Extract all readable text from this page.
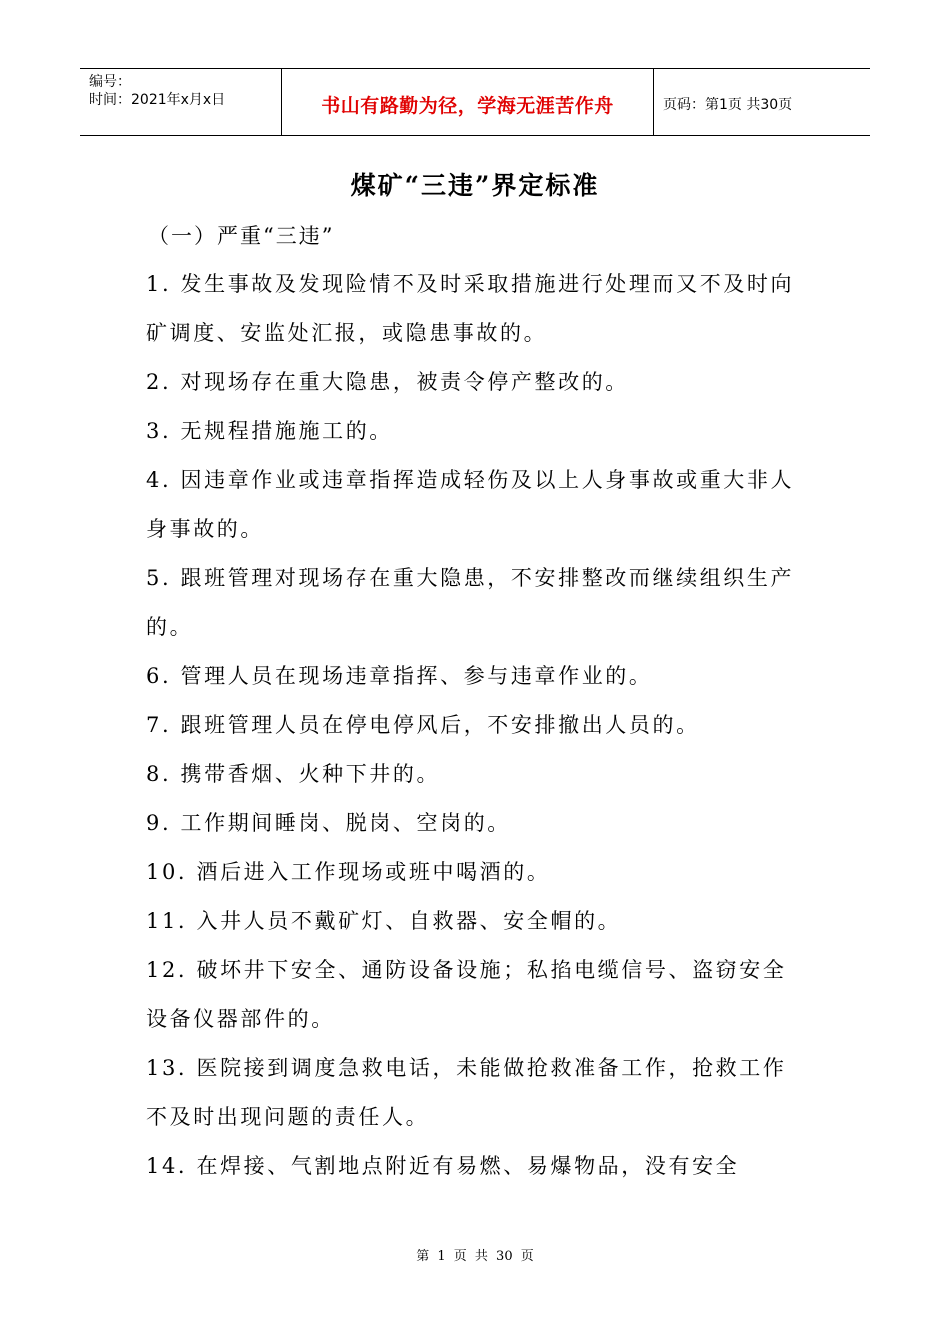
编号：
时间：2021年x月x日	书山有路勤为径，学海无涯苦作舟	页码：第1页 共30页
煤矿“三违”界定标准

（一）严重“三违”

1. 发生事故及发现险情不及时采取措施进行处理而又不及时向矿调度、安监处汇报，或隐患事故的。

2. 对现场存在重大隐患，被责令停产整改的。

3. 无规程措施施工的。

4. 因违章作业或违章指挥造成轻伤及以上人身事故或重大非人身事故的。

5. 跟班管理对现场存在重大隐患，不安排整改而继续组织生产的。

6. 管理人员在现场违章指挥、参与违章作业的。

7. 跟班管理人员在停电停风后，不安排撤出人员的。

8. 携带香烟、火种下井的。

9. 工作期间睡岗、脱岗、空岗的。

10. 酒后进入工作现场或班中喝酒的。

11. 入井人员不戴矿灯、自救器、安全帽的。

12. 破坏井下安全、通防设备设施；私掐电缆信号、盗窃安全设备仪器部件的。

13. 医院接到调度急救电话，未能做抢救准备工作，抢救工作不及时出现问题的责任人。

14. 在焊接、气割地点附近有易燃、易爆物品，没有安全

第 1 页 共 30 页
